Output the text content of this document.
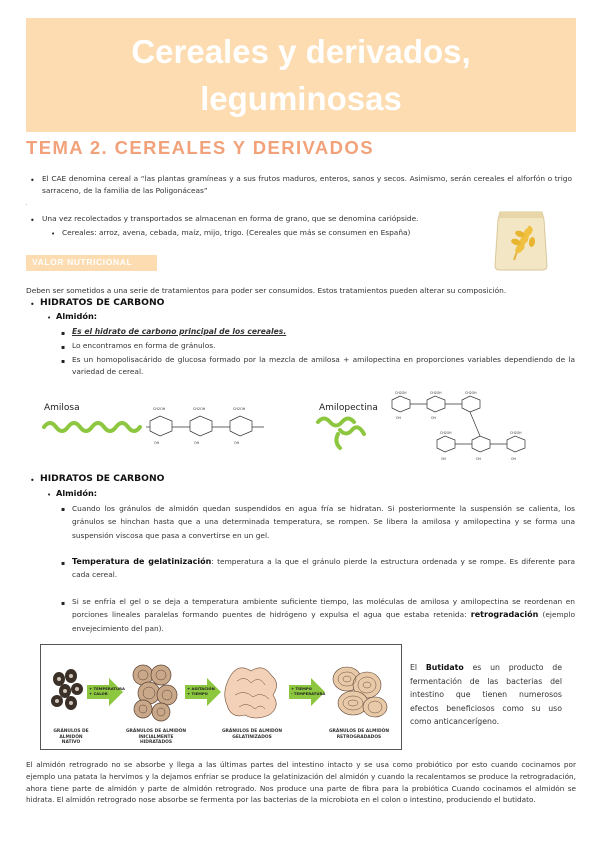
Cereales y derivados,
leguminosas
TEMA 2. CEREALES Y DERIVADOS
• El CAE denomina cereal a “las plantas gramíneas y a sus frutos maduros, enteros, sanos y secos. Asimismo, serán cereales el alforfón o trigo sarraceno, de la familia de las Poligonáceas”
.
• Una vez recolectados y transportados se almacenan en forma de grano, que se denomina cariópside.
• Cereales: arroz, avena, cebada, maíz, mijo, trigo. (Cereales que más se consumen en España)
VALOR NUTRICIONAL
Deben ser sometidos a una serie de tratamientos para poder ser consumidos. Estos tratamientos pueden alterar su composición.
• HIDRATOS DE CARBONO
• Almidón:
▪ Es el hidrato de carbono principal de los cereales.
▪ Lo encontramos en forma de gránulos.
▪ Es un homopolisacárido de glucosa formado por la mezcla de amilosa + amilopectina en proporciones variables dependiendo de la variedad de cereal.
Amilosa	CH2OH	CH2OH	CH2OH
OH	OH	OH
Amilopectina
CH2OH	CH2OH	CH2OH
CH2OH	CH2OH
OH	OH
OH	OH	OH
• HIDRATOS DE CARBONO
• Almidón:
▪ Cuando los gránulos de almidón quedan suspendidos en agua fría se hidratan. Si posteriormente la suspensión se calienta, los gránulos se hinchan hasta que a una determinada temperatura, se rompen. Se libera la amilosa y amilopectina y se forma una suspensión viscosa que pasa a convertirse en un gel.
▪ Temperatura de gelatinización: temperatura a la que el gránulo pierde la estructura ordenada y se rompe. Es diferente para cada cereal.
▪ Si se enfría el gel o se deja a temperatura ambiente suficiente tiempo, las moléculas de amilosa y amilopectina se reordenan en porciones lineales paralelas formando puentes de hidrógeno y expulsa el agua que estaba retenida: retrogradación (ejemplo envejecimiento del pan).
+ TEMPERATURA
+ CALOR
+ AGITACIÓN
+ TIEMPO
+ TIEMPO
- TEMPERATURA
GRÁNULOS DE ALMIDÓN
NATIVO
GRÁNULOS DE ALMIDÓN
INICIALMENTE HIDRATADOS
GRÁNULOS DE ALMIDÓN
GELATINIZADOS
GRÁNULOS DE ALMIDÓN
RETROGRADADOS
El Butidato es un producto de fermentación de las bacterias del intestino que tienen numerosos efectos beneficiosos como su uso como anticancerígeno.
El almidón retrogrado no se absorbe y llega a las últimas partes del intestino intacto y se usa como probiótico por esto cuando cocinamos por ejemplo una patata la hervimos y la dejamos enfriar se produce la gelatinización del almidón y cuando la recalentamos se produce la retrogradación, ahora tiene parte de almidón y parte de almidón retrogrado. Nos produce una parte de fibra para la probiótica Cuando cocinamos el almidón se hidrata. El almidón retrogrado nose absorbe se fermenta por las bacterias de la microbiota en el colon o intestino, produciendo el butidato.
